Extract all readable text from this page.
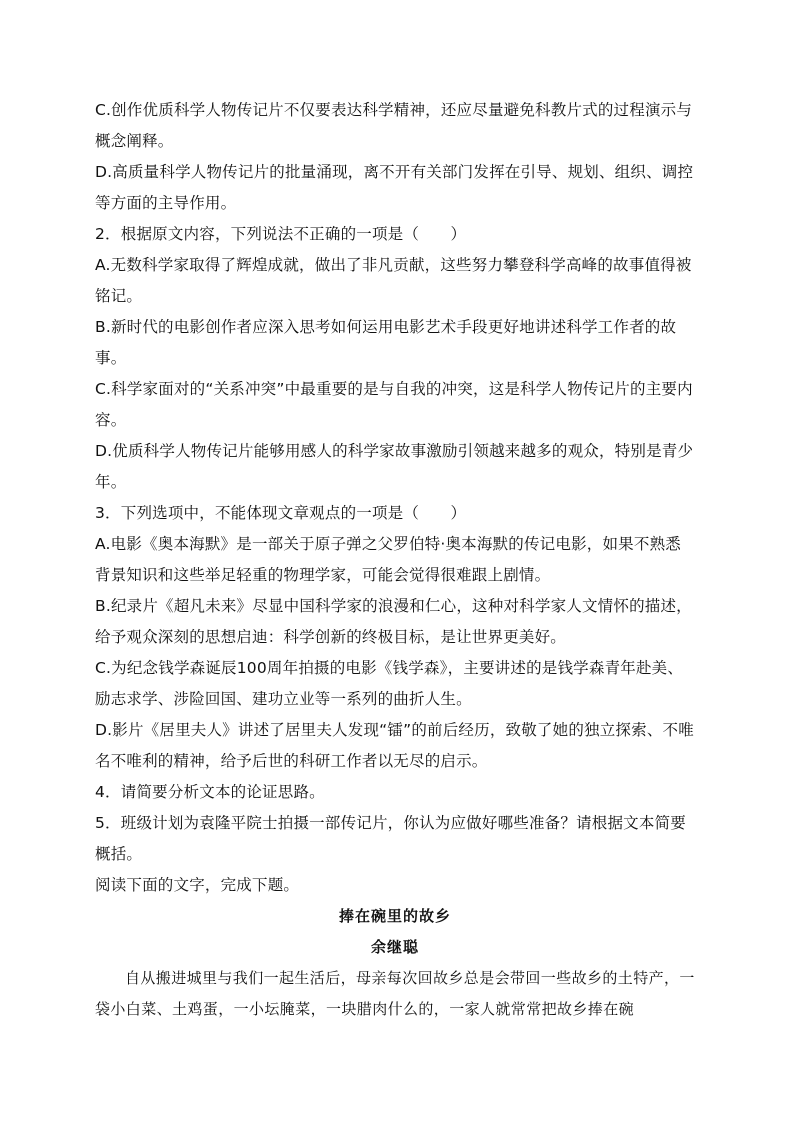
C.创作优质科学人物传记片不仅要表达科学精神，还应尽量避免科教片式的过程演示与概念阐释。

D.高质量科学人物传记片的批量涌现，离不开有关部门发挥在引导、规划、组织、调控等方面的主导作用。

2．根据原文内容，下列说法不正确的一项是（　　）

A.无数科学家取得了辉煌成就，做出了非凡贡献，这些努力攀登科学高峰的故事值得被铭记。

B.新时代的电影创作者应深入思考如何运用电影艺术手段更好地讲述科学工作者的故事。

C.科学家面对的“关系冲突”中最重要的是与自我的冲突，这是科学人物传记片的主要内容。

D.优质科学人物传记片能够用感人的科学家故事激励引领越来越多的观众，特别是青少年。

3．下列选项中，不能体现文章观点的一项是（　　）

A.电影《奥本海默》是一部关于原子弹之父罗伯特·奥本海默的传记电影，如果不熟悉背景知识和这些举足轻重的物理学家，可能会觉得很难跟上剧情。

B.纪录片《超凡未来》尽显中国科学家的浪漫和仁心，这种对科学家人文情怀的描述，给予观众深刻的思想启迪：科学创新的终极目标，是让世界更美好。

C.为纪念钱学森诞辰100周年拍摄的电影《钱学森》，主要讲述的是钱学森青年赴美、励志求学、涉险回国、建功立业等一系列的曲折人生。

D.影片《居里夫人》讲述了居里夫人发现“镭”的前后经历，致敬了她的独立探索、不唯名不唯利的精神，给予后世的科研工作者以无尽的启示。

4．请简要分析文本的论证思路。

5．班级计划为袁隆平院士拍摄一部传记片，你认为应做好哪些准备？请根据文本简要概括。

阅读下面的文字，完成下题。

捧在碗里的故乡

余继聪

自从搬进城里与我们一起生活后，母亲每次回故乡总是会带回一些故乡的土特产，一袋小白菜、土鸡蛋，一小坛腌菜，一块腊肉什么的，一家人就常常把故乡捧在碗
